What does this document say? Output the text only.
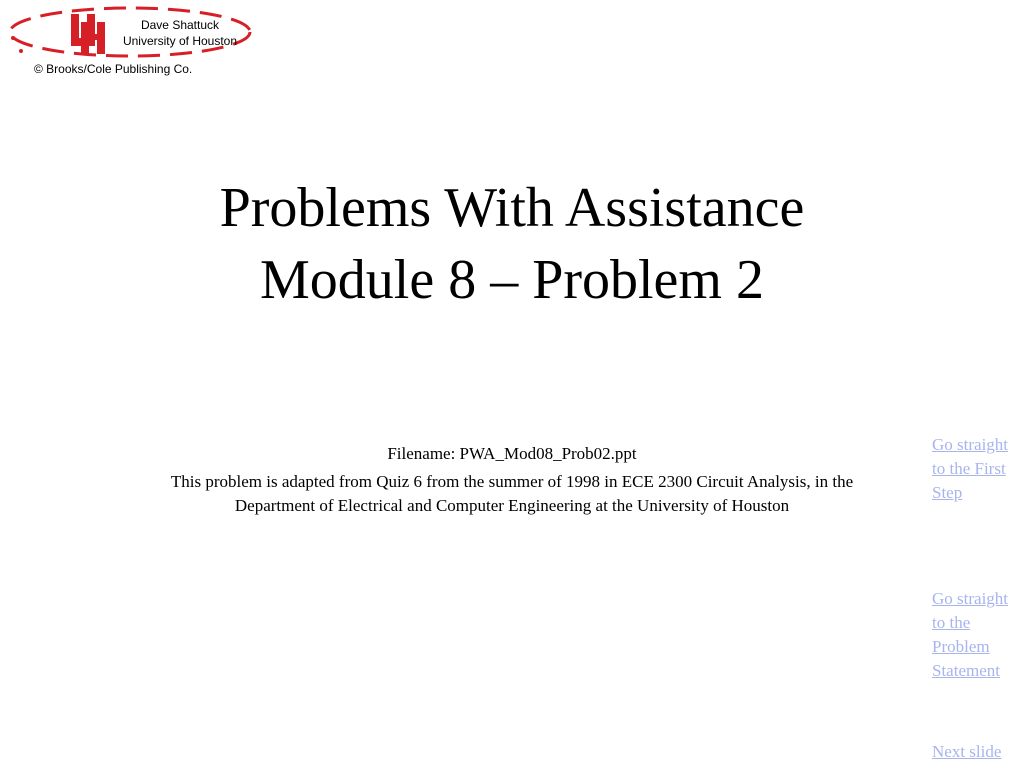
Dave Shattuck
University of Houston
© Brooks/Cole Publishing Co.
Problems With Assistance
Module 8 – Problem 2
Filename: PWA_Mod08_Prob02.ppt
This problem is adapted from Quiz 6 from the summer of 1998 in ECE 2300 Circuit Analysis, in the Department of Electrical and Computer Engineering at the University of Houston
Go straight to the First Step
Go straight to the Problem Statement
Next slide
